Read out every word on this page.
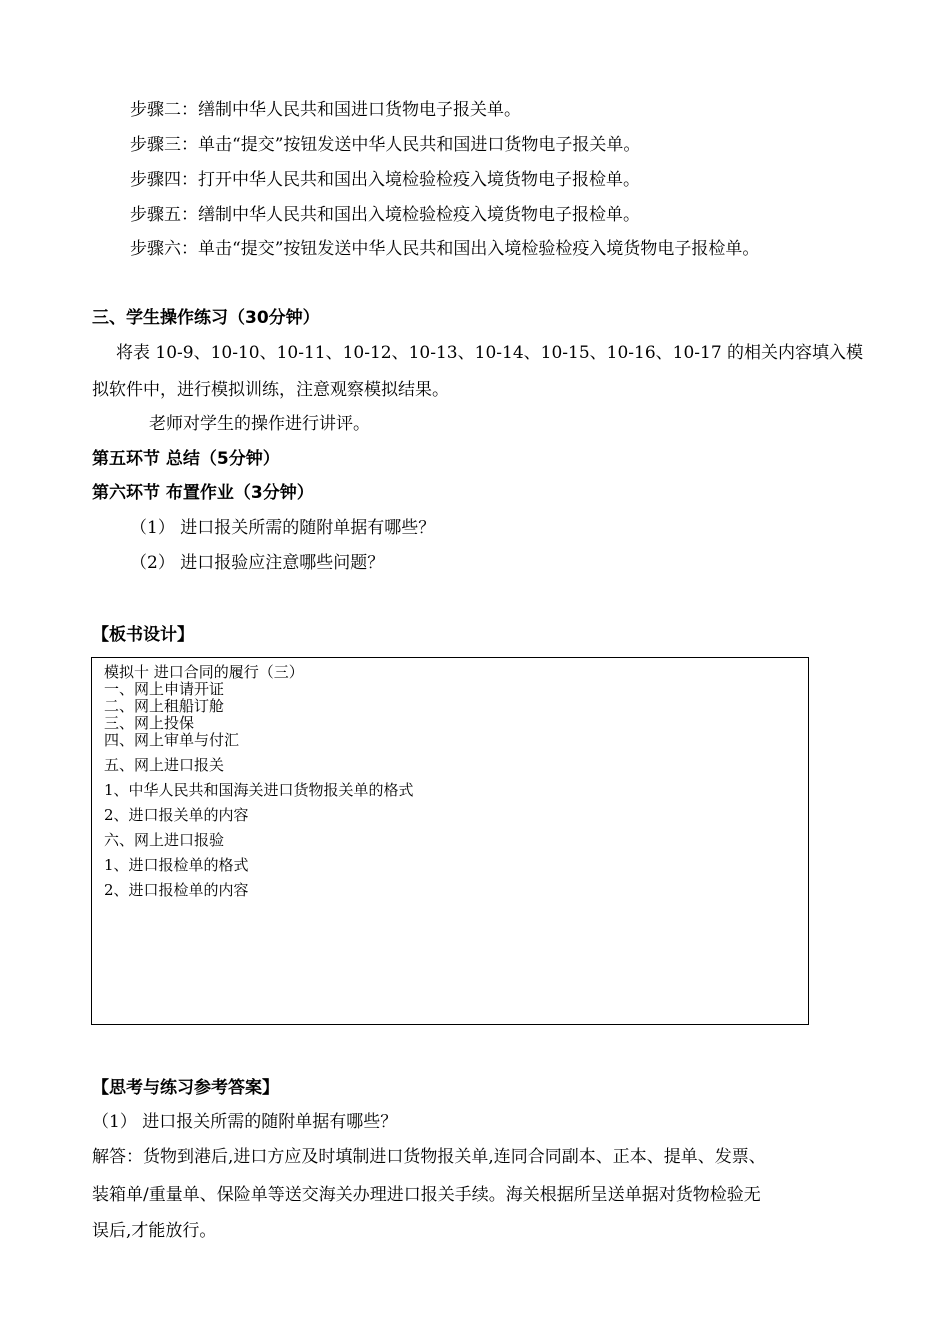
步骤二：缮制中华人民共和国进口货物电子报关单。
步骤三：单击“提交”按钮发送中华人民共和国进口货物电子报关单。
步骤四：打开中华人民共和国出入境检验检疫入境货物电子报检单。
步骤五：缮制中华人民共和国出入境检验检疫入境货物电子报检单。
步骤六：单击“提交”按钮发送中华人民共和国出入境检验检疫入境货物电子报检单。
三、学生操作练习（30分钟）
将表 10-9、10-10、10-11、10-12、10-13、10-14、10-15、10-16、10-17 的相关内容填入模
拟软件中，进行模拟训练，注意观察模拟结果。
老师对学生的操作进行讲评。
第五环节 总结（5分钟）
第六环节 布置作业（3分钟）
（1） 进口报关所需的随附单据有哪些？
（2） 进口报验应注意哪些问题？
【板书设计】
模拟十 进口合同的履行（三）
一、网上申请开证
二、网上租船订舱
三、网上投保
四、网上审单与付汇
五、网上进口报关
1、中华人民共和国海关进口货物报关单的格式
2、进口报关单的内容
六、网上进口报验
1、进口报检单的格式
2、进口报检单的内容
【思考与练习参考答案】
（1） 进口报关所需的随附单据有哪些？
解答：货物到港后,进口方应及时填制进口货物报关单,连同合同副本、正本、提单、发票、
装箱单/重量单、保险单等送交海关办理进口报关手续。海关根据所呈送单据对货物检验无
误后,才能放行。
